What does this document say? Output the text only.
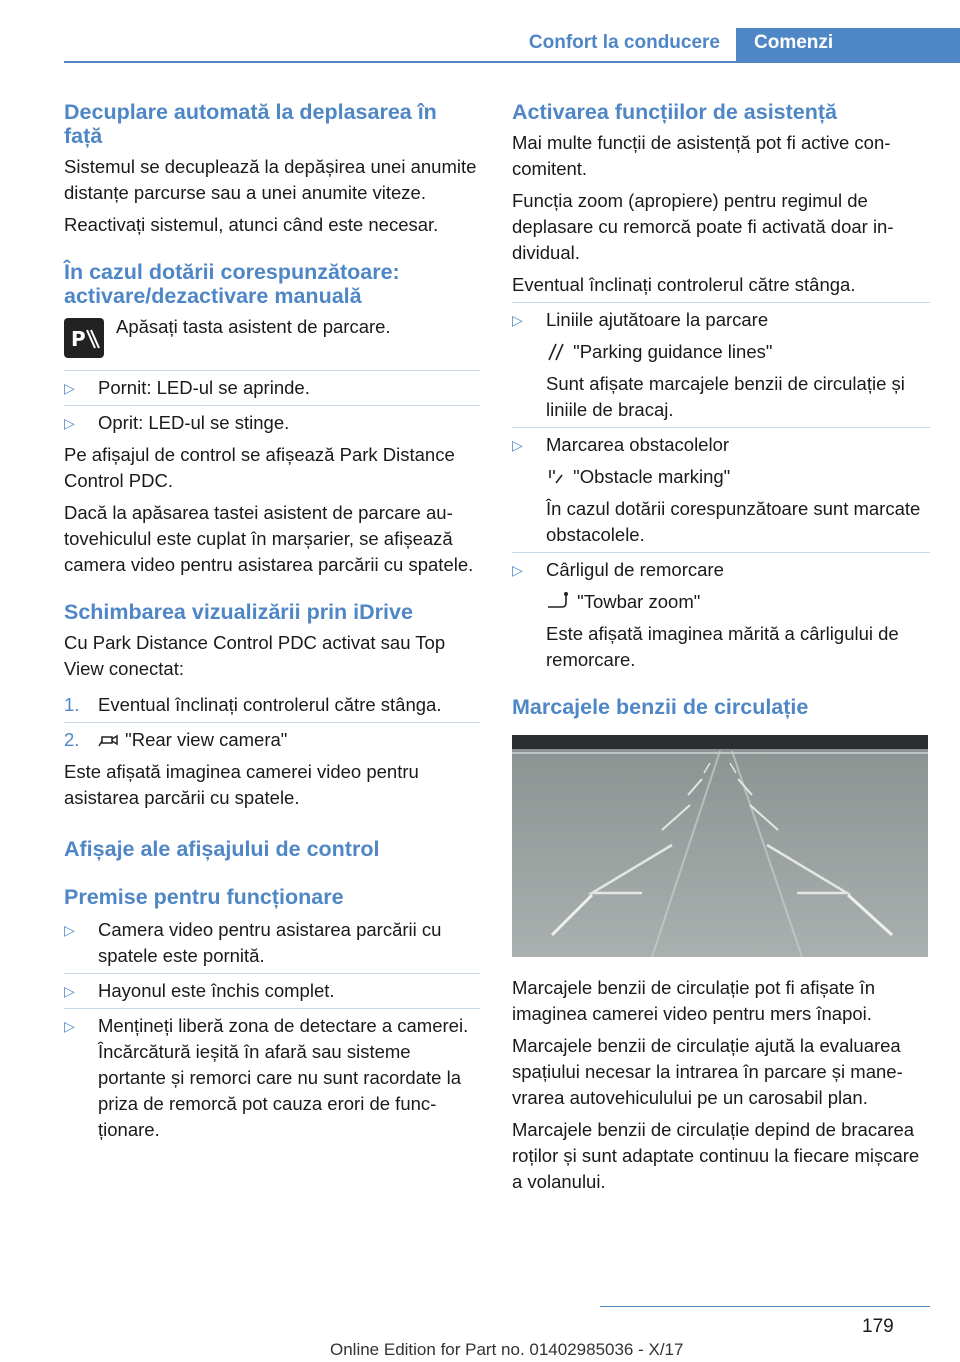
Confort la conducere	Comenzi
Decuplare automată la deplasarea în față

Sistemul se decuplează la depășirea unei anumite distanțe parcurse sau a unei anumite viteze.

Reactivați sistemul, atunci când este necesar.

În cazul dotării corespunzătoare: activare/dezactivare manuală
P

Apăsați tasta asistent de parcare.

▷ Pornit: LED-ul se aprinde.
▷ Oprit: LED-ul se stinge.

Pe afișajul de control se afișează Park Distance Control PDC.

Dacă la apăsarea tastei asistent de parcare autovehiculul este cuplat în marșarier, se afișează camera video pentru asistarea parcării cu spatele.

Schimbarea vizualizării prin iDrive

Cu Park Distance Control PDC activat sau Top View conectat:

1. Eventual înclinați controlerul către stânga.
2. "Rear view camera"

Este afișată imaginea camerei video pentru asistarea parcării cu spatele.

Afișaje ale afișajului de control
Premise pentru funcționare
▷ Camera video pentru asistarea parcării cu spatele este pornită.
▷ Hayonul este închis complet.
▷ Mențineți liberă zona de detectare a camerei. Încărcătură ieșită în afară sau sisteme portante și remorci care nu sunt racordate la priza de remorcă pot cauza erori de funcționare.
Activarea funcțiilor de asistență

Mai multe funcții de asistență pot fi active concomitent.

Funcția zoom (apropiere) pentru regimul de deplasare cu remorcă poate fi activată doar individual.

Eventual înclinați controlerul către stânga.

▷ Liniile ajutătoare la parcare
"Parking guidance lines"
Sunt afișate marcajele benzii de circulație și liniile de bracaj.
▷ Marcarea obstacolelor
"Obstacle marking"
În cazul dotării corespunzătoare sunt marcate obstacolele.
▷ Cârligul de remorcare
"Towbar zoom"
Este afișată imaginea mărită a cârligului de remorcare.
Marcajele benzii de circulație

Marcajele benzii de circulație pot fi afișate în imaginea camerei video pentru mers înapoi.

Marcajele benzii de circulație ajută la evaluarea spațiului necesar la intrarea în parcare și manevrarea autovehiculului pe un carosabil plan.

Marcajele benzii de circulație depind de bracarea roților și sunt adaptate continuu la fiecare mișcare a volanului.

179
Online Edition for Part no. 01402985036 - X/17
